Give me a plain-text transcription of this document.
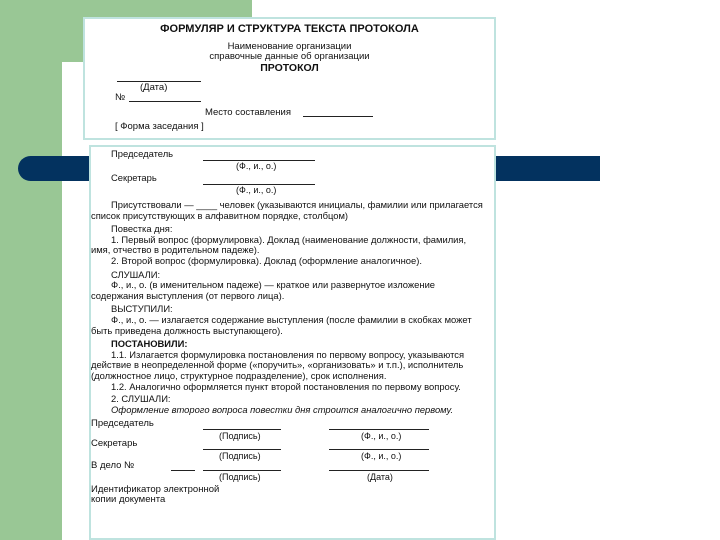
ФОРМУЛЯР И СТРУКТУРА ТЕКСТА ПРОТОКОЛА
Наименование организации
справочные данные об организации
ПРОТОКОЛ
(Дата)
№
Место составления
[ Форма заседания ]
Председатель
(Ф., и., о.)
Секретарь
(Ф., и., о.)

Присутствовали — ____ человек (указываются инициалы, фамилии или прилагается список присутствующих в алфавитном порядке, столбцом)

Повестка дня:

1. Первый вопрос (формулировка). Доклад (наименование должности, фамилия, имя, отчество в родительном падеже).

2. Второй вопрос (формулировка). Доклад (оформление аналогичное).

СЛУШАЛИ:

Ф., и., о. (в именительном падеже) — краткое или развернутое изложение содержания выступления (от первого лица).

ВЫСТУПИЛИ:

Ф., и., о. — излагается содержание выступления (после фамилии в скобках может быть приведена должность выступающего).

ПОСТАНОВИЛИ:

1.1. Излагается формулировка постановления по первому вопросу, указываются действие в неопределенной форме («поручить», «организовать» и т.п.), исполнитель (должностное лицо, структурное подразделение), срок исполнения.

1.2. Аналогично оформляется пункт второй постановления по первому вопросу.

2. СЛУШАЛИ:

Оформление второго вопроса повестки дня строится аналогично первому.

Председатель
(Подпись)	(Ф., и., о.)
Секретарь
(Подпись)	(Ф., и., о.)
В дело №
(Подпись)	(Дата)
Идентификатор электронной копии документа
